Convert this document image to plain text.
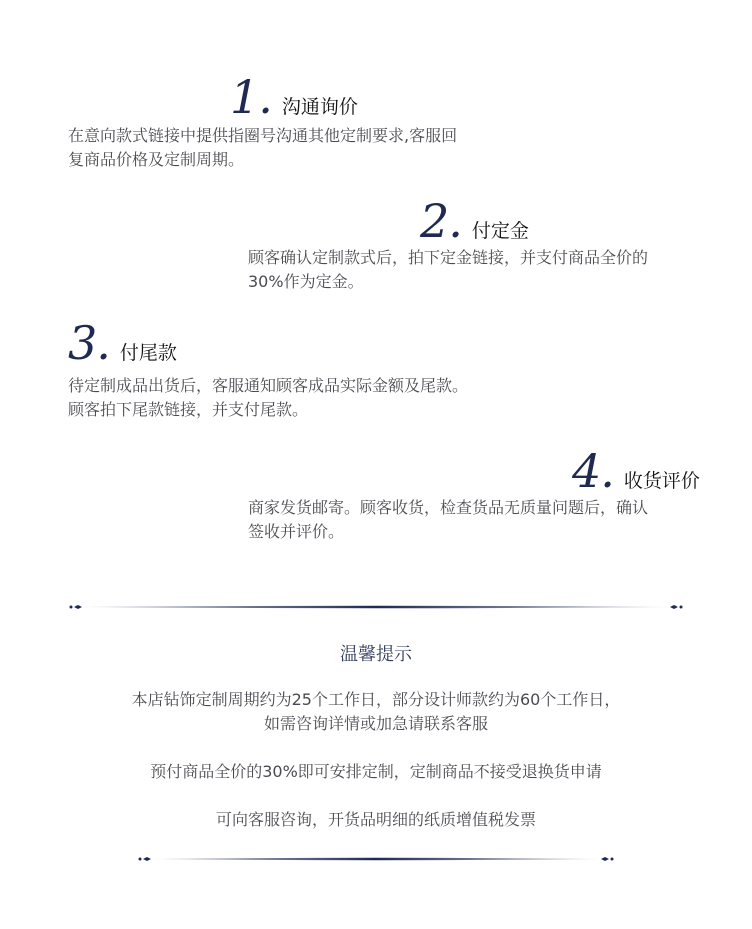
1. 沟通询价
在意向款式链接中提供指圈号沟通其他定制要求,客服回
复商品价格及定制周期。
2. 付定金
顾客确认定制款式后，拍下定金链接，并支付商品全价的
30%作为定金。
3. 付尾款
待定制成品出货后，客服通知顾客成品实际金额及尾款。
顾客拍下尾款链接，并支付尾款。
4. 收货评价
商家发货邮寄。顾客收货，检查货品无质量问题后，确认
签收并评价。
温馨提示
本店钻饰定制周期约为25个工作日，部分设计师款约为60个工作日，
如需咨询详情或加急请联系客服
预付商品全价的30%即可安排定制，定制商品不接受退换货申请
可向客服咨询，开货品明细的纸质增值税发票
